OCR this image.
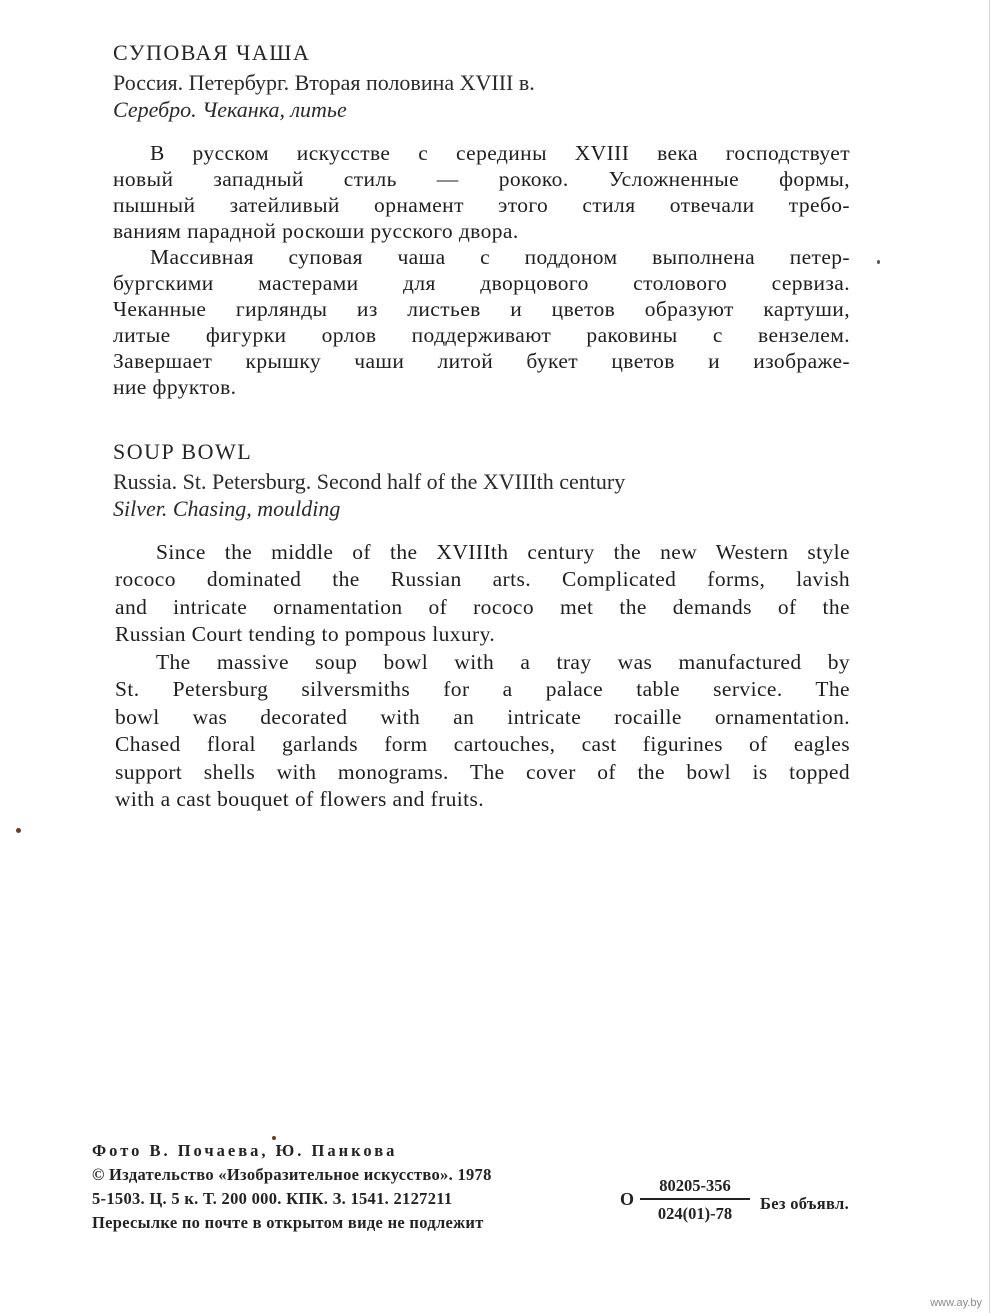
СУПОВАЯ ЧАША

Россия. Петербург. Вторая половина XVIII в.

Серебро. Чеканка, литье

В русском искусстве с середины XVIII века господствует

новый западный стиль — рококо. Усложненные формы,

пышный затейливый орнамент этого стиля отвечали требо-

ваниям парадной роскоши русского двора.

Массивная суповая чаша с поддоном выполнена петер-

бургскими мастерами для дворцового столового сервиза.

Чеканные гирлянды из листьев и цветов образуют картуши,

литые фигурки орлов поддерживают раковины с вензелем.

Завершает крышку чаши литой букет цветов и изображе-

ние фруктов.

SOUP BOWL

Russia. St. Petersburg. Second half of the XVIIIth century

Silver. Chasing, moulding

Since the middle of the XVIIIth century the new Western style

rococo dominated the Russian arts. Complicated forms, lavish

and intricate ornamentation of rococo met the demands of the

Russian Court tending to pompous luxury.

The massive soup bowl with a tray was manufactured by

St. Petersburg silversmiths for a palace table service. The

bowl was decorated with an intricate rocaille ornamentation.

Chased floral garlands form cartouches, cast figurines of eagles

support shells with monograms. The cover of the bowl is topped

with a cast bouquet of flowers and fruits.

Фото В. Почаева, Ю. Панкова

© Издательство «Изобразительное искусство». 1978

5-1503. Ц. 5 к. Т. 200 000. КПК. З. 1541. 2127211

Пересылке по почте в открытом виде не подлежит

О

80205-356
024(01)-78

Без объявл.

www.ay.by
